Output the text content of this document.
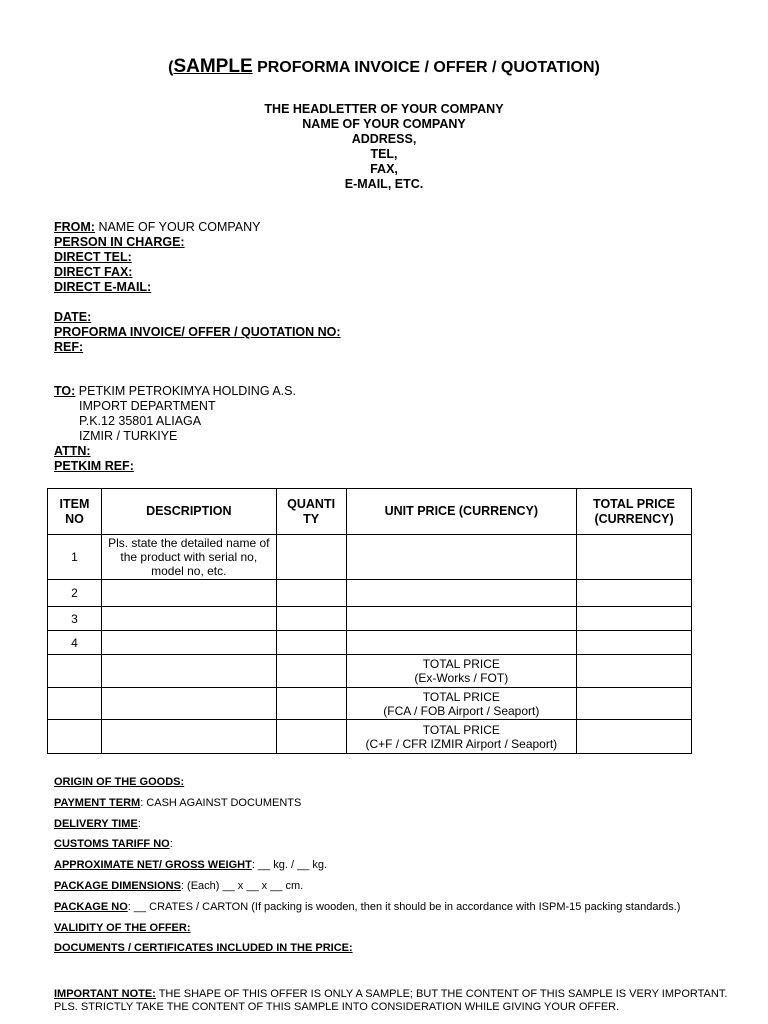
(SAMPLE PROFORMA INVOICE / OFFER / QUOTATION)
THE HEADLETTER OF YOUR COMPANY
NAME OF YOUR COMPANY
ADDRESS,
TEL,
FAX,
E-MAIL, ETC.
FROM: NAME OF YOUR COMPANY
PERSON IN CHARGE:
DIRECT TEL:
DIRECT FAX:
DIRECT E-MAIL:
DATE:
PROFORMA INVOICE/ OFFER / QUOTATION NO:
REF:
TO: PETKIM PETROKIMYA HOLDING A.S.
IMPORT DEPARTMENT
P.K.12 35801 ALIAGA
IZMIR / TURKIYE
ATTN:
PETKIM REF:
ITEM NO	DESCRIPTION	QUANTI TY	UNIT PRICE (CURRENCY)	TOTAL PRICE (CURRENCY)
1	Pls. state the detailed name of the product with serial no, model no, etc.			
2				
3				
4				

			TOTAL PRICE
(Ex-Works / FOT)	

			TOTAL PRICE
(FCA / FOB Airport / Seaport)	

			TOTAL PRICE
(C+F / CFR IZMIR Airport / Seaport)	

ORIGIN OF THE GOODS:
PAYMENT TERM: CASH AGAINST DOCUMENTS
DELIVERY TIME:
CUSTOMS TARIFF NO:
APPROXIMATE NET/ GROSS WEIGHT: __ kg. / __ kg.
PACKAGE DIMENSIONS: (Each) __ x __ x __ cm.
PACKAGE NO: __ CRATES / CARTON (If packing is wooden, then it should be in accordance with ISPM-15 packing standards.)
VALIDITY OF THE OFFER:
DOCUMENTS / CERTIFICATES INCLUDED IN THE PRICE:
IMPORTANT NOTE: THE SHAPE OF THIS OFFER IS ONLY A SAMPLE; BUT THE CONTENT OF THIS SAMPLE IS VERY IMPORTANT. PLS. STRICTLY TAKE THE CONTENT OF THIS SAMPLE INTO CONSIDERATION WHILE GIVING YOUR OFFER.
